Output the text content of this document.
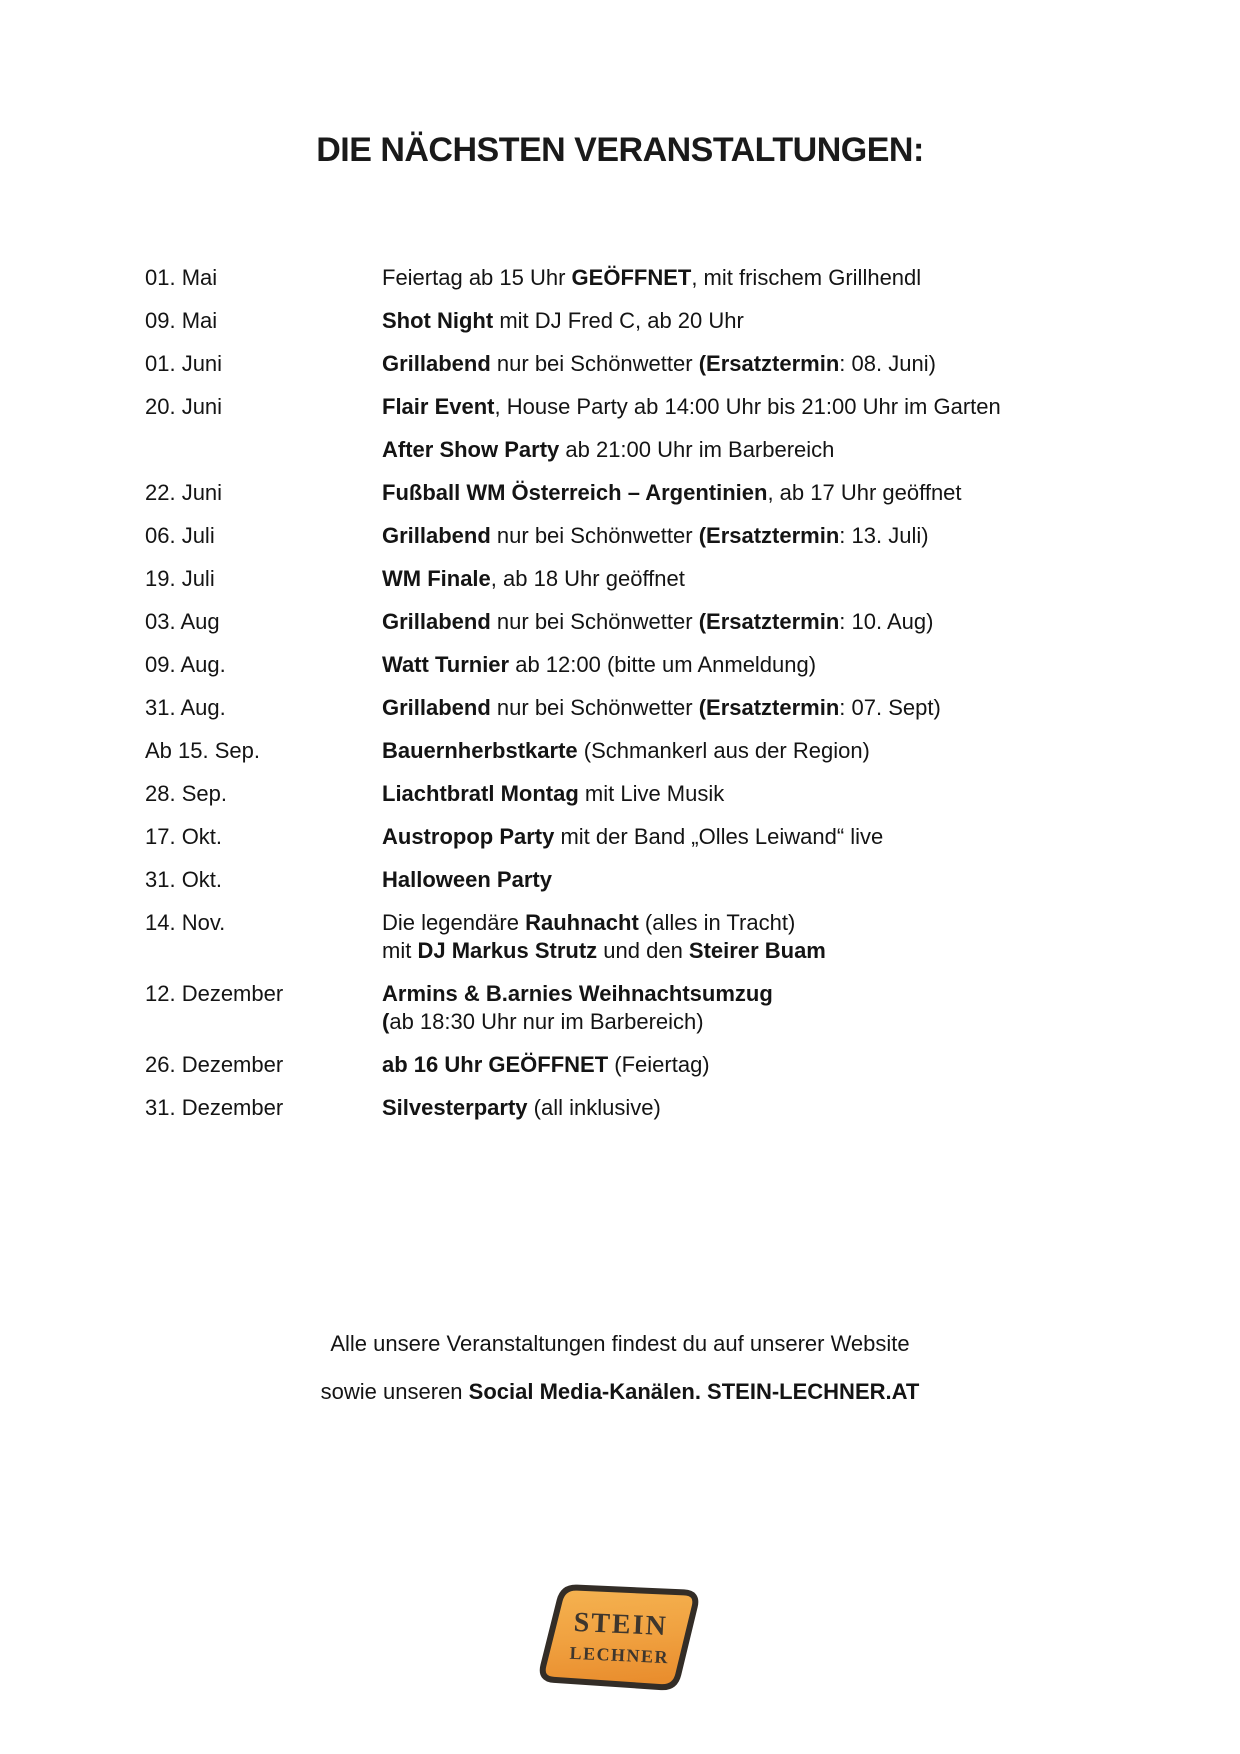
DIE NÄCHSTEN VERANSTALTUNGEN:
01. Mai	Feiertag ab 15 Uhr GEÖFFNET, mit frischem Grillhendl
09. Mai	Shot Night mit DJ Fred C, ab 20 Uhr
01. Juni	Grillabend nur bei Schönwetter (Ersatztermin: 08. Juni)
20. Juni	Flair Event, House Party ab 14:00 Uhr bis 21:00 Uhr im Garten
After Show Party ab 21:00 Uhr im Barbereich
22. Juni	Fußball WM Österreich – Argentinien, ab 17 Uhr geöffnet
06. Juli	Grillabend nur bei Schönwetter (Ersatztermin: 13. Juli)
19. Juli	WM Finale, ab 18 Uhr geöffnet
03. Aug	Grillabend nur bei Schönwetter (Ersatztermin: 10. Aug)
09. Aug.	Watt Turnier ab 12:00 (bitte um Anmeldung)
31. Aug.	Grillabend nur bei Schönwetter (Ersatztermin: 07. Sept)
Ab 15. Sep.	Bauernherbstkarte (Schmankerl aus der Region)
28. Sep.	Liachtbratl Montag mit Live Musik
17. Okt.	Austropop Party mit der Band „Olles Leiwand“ live
31. Okt.	Halloween Party
14. Nov.	Die legendäre Rauhnacht (alles in Tracht)
mit DJ Markus Strutz und den Steirer Buam
12. Dezember	Armins & B.arnies Weihnachtsumzug
(ab 18:30 Uhr nur im Barbereich)
26. Dezember	ab 16 Uhr GEÖFFNET (Feiertag)
31. Dezember	Silvesterparty (all inklusive)

Alle unsere Veranstaltungen findest du auf unserer Website

sowie unseren Social Media-Kanälen. STEIN-LECHNER.AT

STEIN
LECHNER
